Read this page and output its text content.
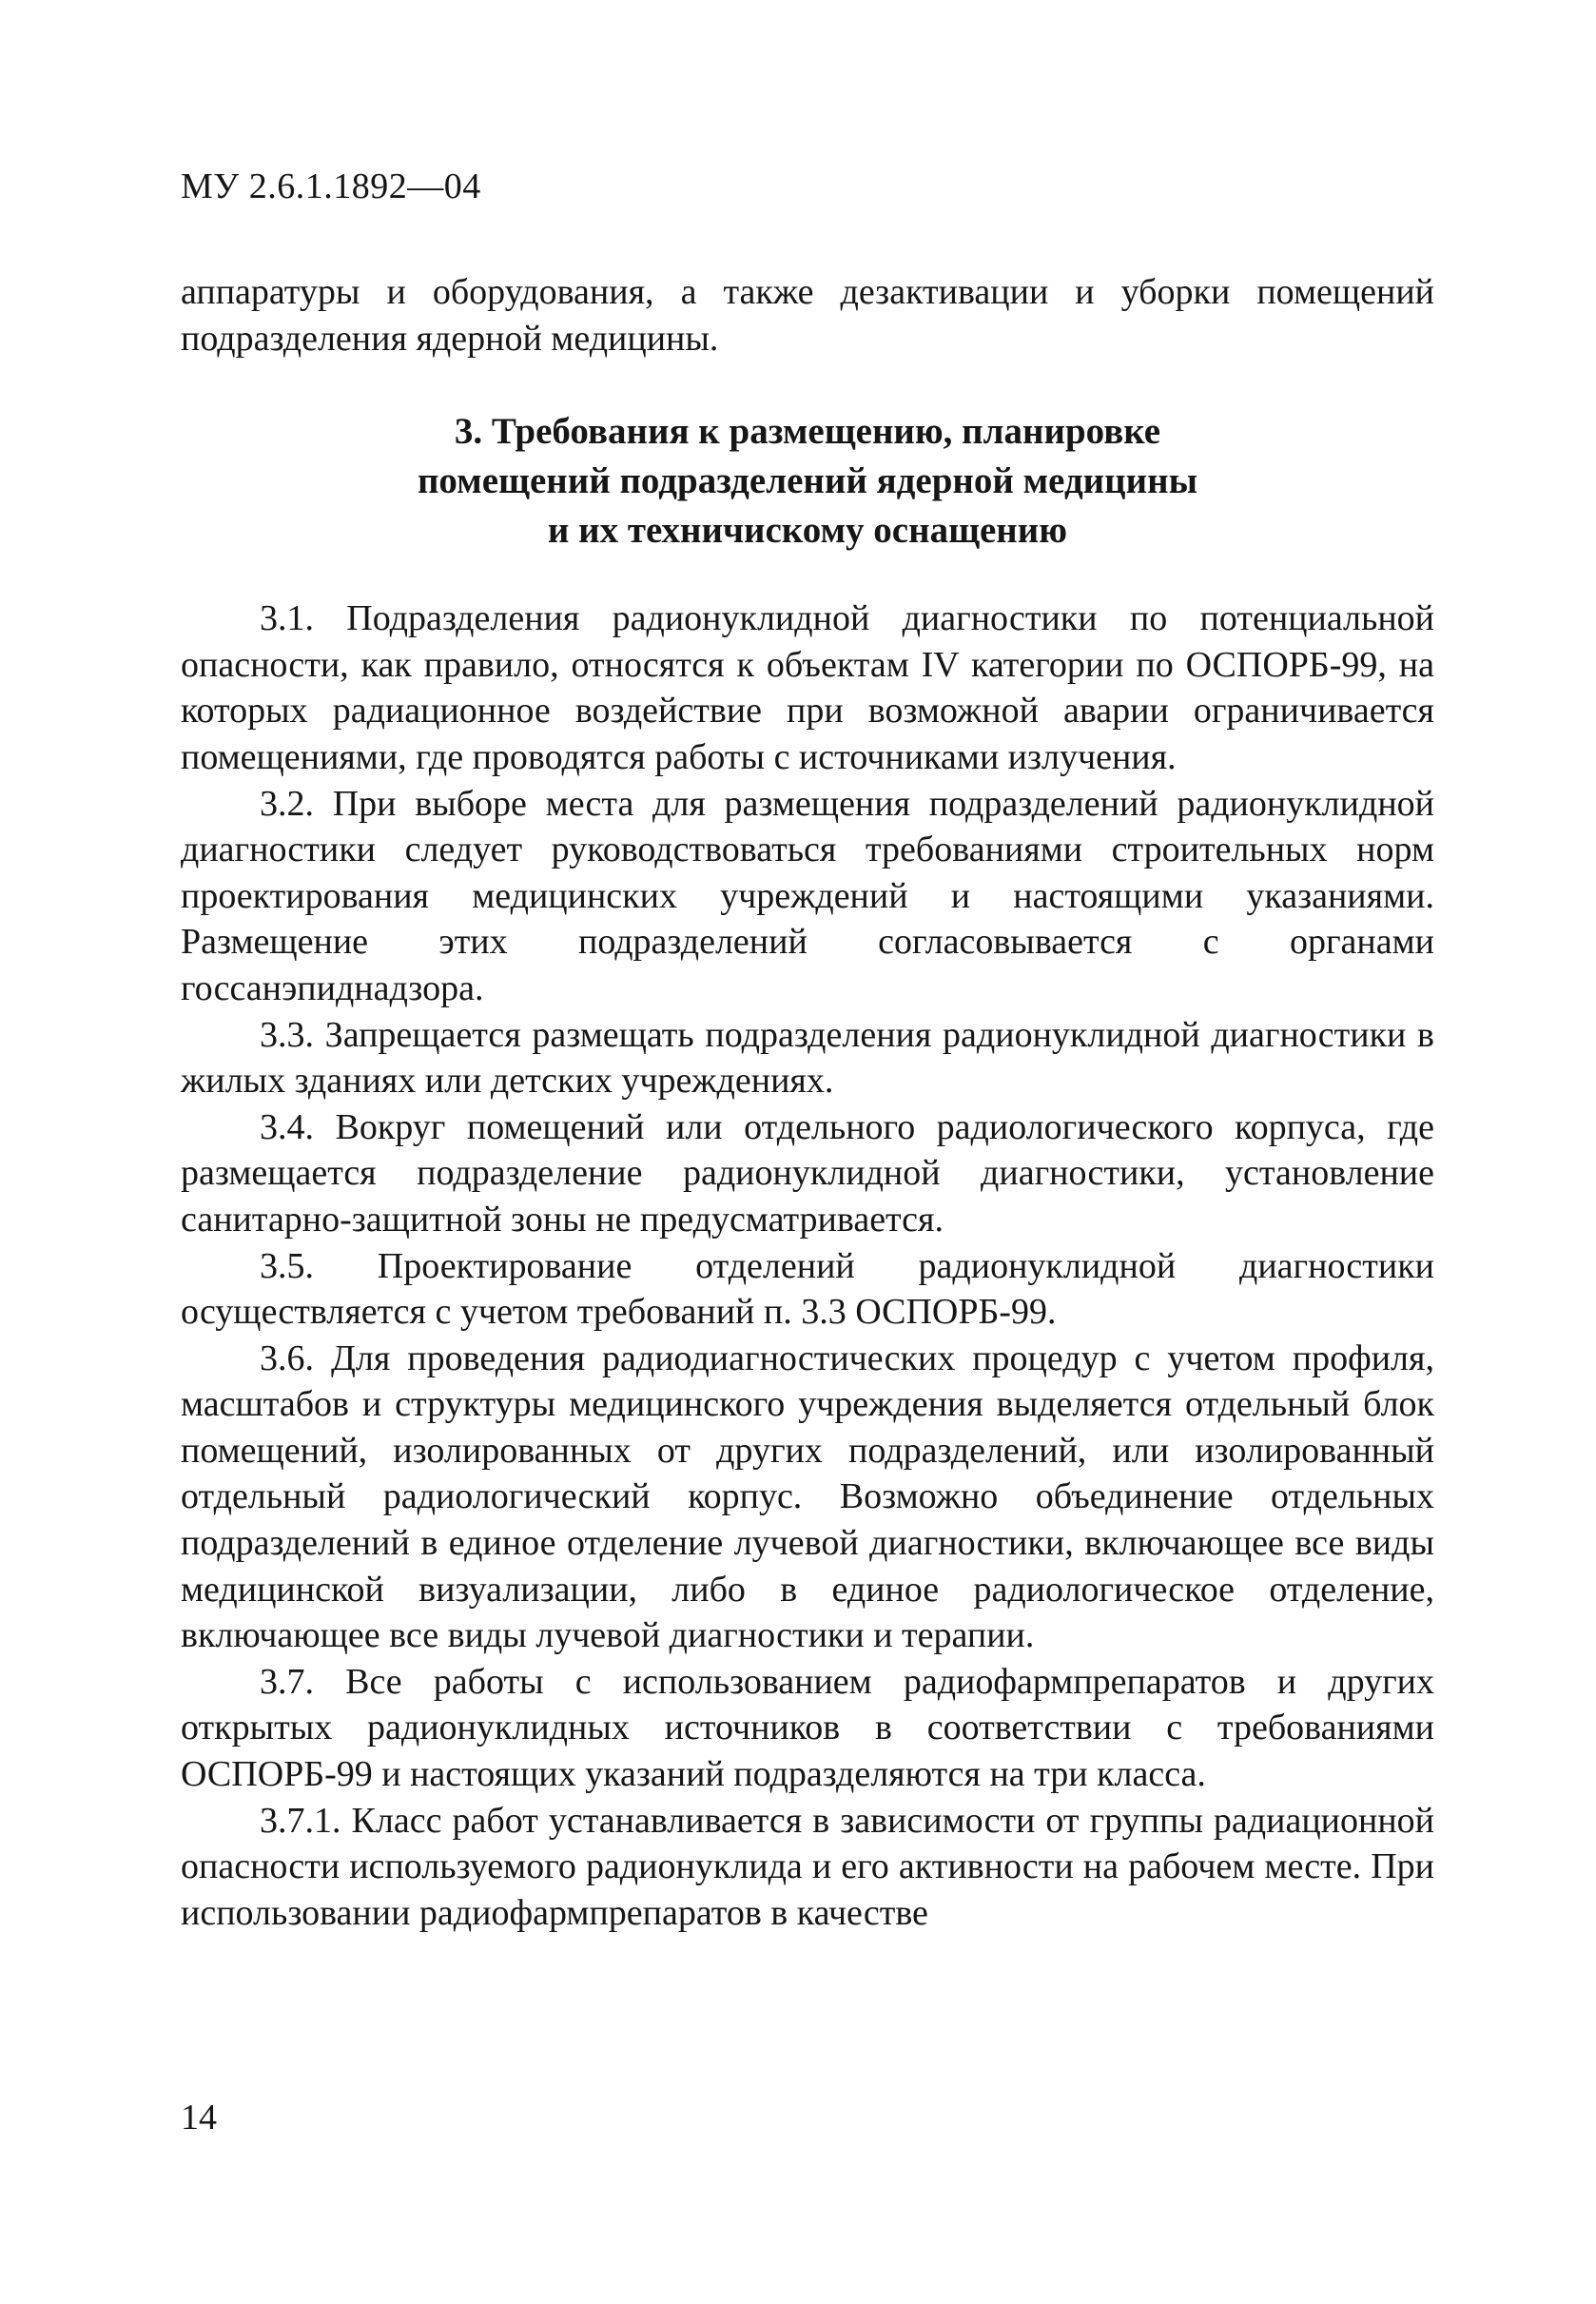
МУ 2.6.1.1892—04

аппаратуры и оборудования, а также дезактивации и уборки помещений подразделения ядерной медицины.

3. Требования к размещению, планировке
помещений подразделений ядерной медицины
и их техничискому оснащению

3.1. Подразделения радионуклидной диагностики по потенциальной опасности, как правило, относятся к объектам IV категории по ОСПОРБ-99, на которых радиационное воздействие при возможной аварии ограничивается помещениями, где проводятся работы с источниками излучения.

3.2. При выборе места для размещения подразделений радионуклидной диагностики следует руководствоваться требованиями строительных норм проектирования медицинских учреждений и настоящими указаниями. Размещение этих подразделений согласовывается с органами госсанэпиднадзора.

3.3. Запрещается размещать подразделения радионуклидной диагностики в жилых зданиях или детских учреждениях.

3.4. Вокруг помещений или отдельного радиологического корпуса, где размещается подразделение радионуклидной диагностики, установление санитарно-защитной зоны не предусматривается.

3.5. Проектирование отделений радионуклидной диагностики осуществляется с учетом требований п. 3.3 ОСПОРБ-99.

3.6. Для проведения радиодиагностических процедур с учетом профиля, масштабов и структуры медицинского учреждения выделяется отдельный блок помещений, изолированных от других подразделений, или изолированный отдельный радиологический корпус. Возможно объединение отдельных подразделений в единое отделение лучевой диагностики, включающее все виды медицинской визуализации, либо в единое радиологическое отделение, включающее все виды лучевой диагностики и терапии.

3.7. Все работы с использованием радиофармпрепаратов и других открытых радионуклидных источников в соответствии с требованиями ОСПОРБ-99 и настоящих указаний подразделяются на три класса.

3.7.1. Класс работ устанавливается в зависимости от группы радиационной опасности используемого радионуклида и его активности на рабочем месте. При использовании радиофармпрепаратов в качестве

14
